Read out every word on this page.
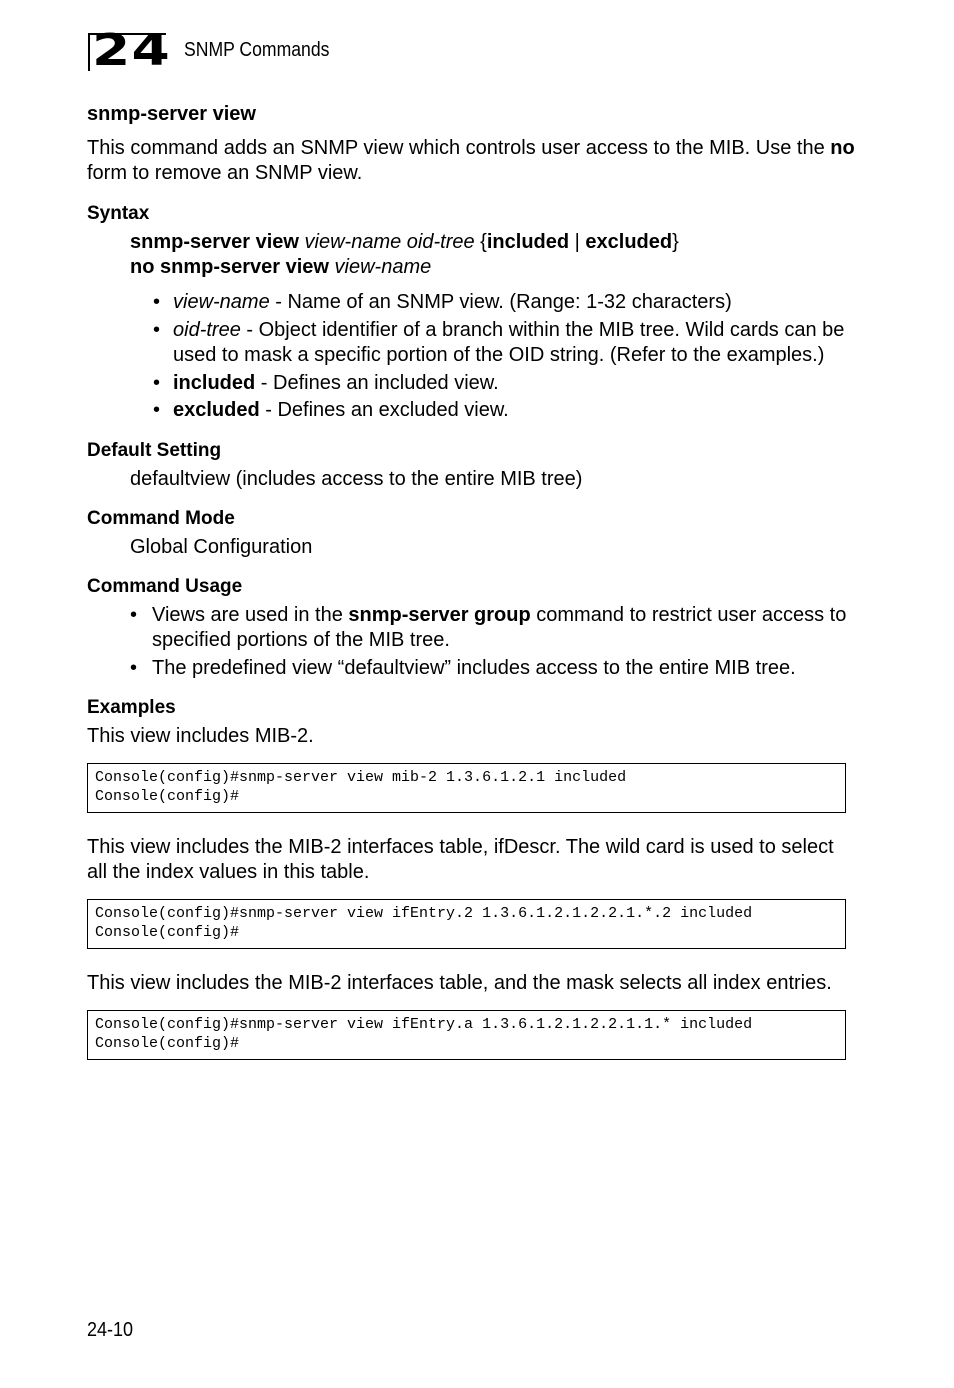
24 SNMP Commands
snmp-server view

This command adds an SNMP view which controls user access to the MIB. Use the no form to remove an SNMP view.

Syntax
snmp-server view view-name oid-tree {included | excluded}
no snmp-server view view-name
• view-name - Name of an SNMP view. (Range: 1-32 characters)
• oid-tree - Object identifier of a branch within the MIB tree. Wild cards can be used to mask a specific portion of the OID string. (Refer to the examples.)
• included - Defines an included view.
• excluded - Defines an excluded view.
Default Setting

defaultview (includes access to the entire MIB tree)

Command Mode

Global Configuration

Command Usage
• Views are used in the snmp-server group command to restrict user access to specified portions of the MIB tree.
• The predefined view “defaultview” includes access to the entire MIB tree.
Examples

This view includes MIB-2.

Console(config)#snmp-server view mib-2 1.3.6.1.2.1 included
Console(config)#

This view includes the MIB-2 interfaces table, ifDescr. The wild card is used to select all the index values in this table.

Console(config)#snmp-server view ifEntry.2 1.3.6.1.2.1.2.2.1.*.2 included
Console(config)#

This view includes the MIB-2 interfaces table, and the mask selects all index entries.

Console(config)#snmp-server view ifEntry.a 1.3.6.1.2.1.2.2.1.1.* included
Console(config)#
24-10
